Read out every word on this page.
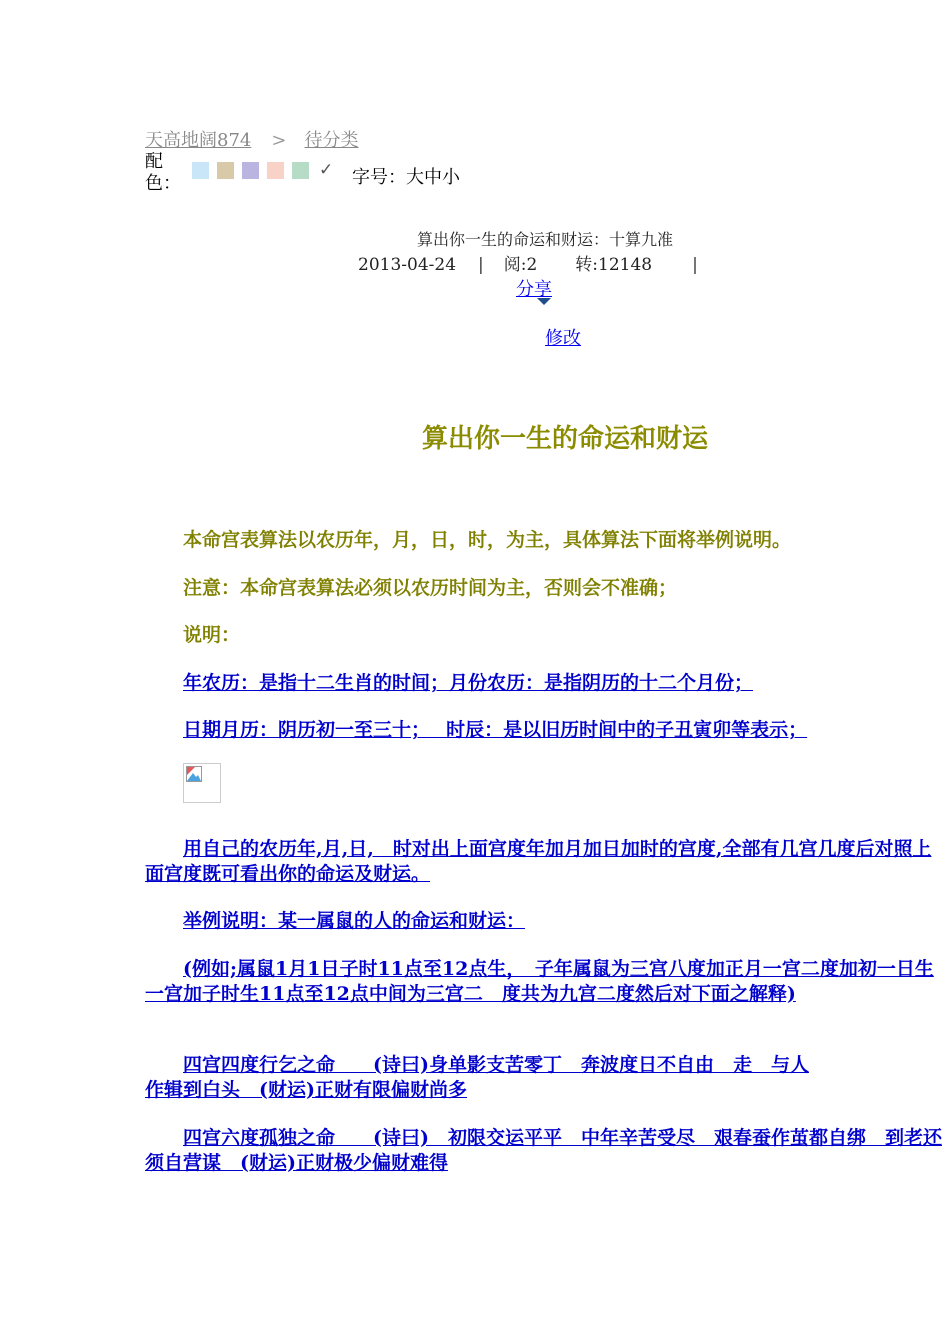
天高地阔874 > 待分类
配色：
✓ 字号：大中小
算出你一生的命运和财运：十算九准
2013-04-24 | 阅:2 转:12148 |
分享
修改
算出你一生的命运和财运
本命宫表算法以农历年，月，日，时，为主，具体算法下面将举例说明。
注意：本命宫表算法必须以农历时间为主，否则会不准确；
说明：
年农历：是指十二生肖的时间；月份农历：是指阴历的十二个月份；
日期月历：阴历初一至三十；　 时辰：是以旧历时间中的子丑寅卯等表示；
用自己的农历年,月,日,　时对出上面宫度年加月加日加时的宫度,全部有几宫几度后对照上面宫度既可看出你的命运及财运。
举例说明：某一属鼠的人的命运和财运：
(例如;属鼠1月1日子时11点至12点生，　子年属鼠为三宫八度加正月一宫二度加初一日生一宫加子时生11点至12点中间为三宫二　度共为九宫二度然后对下面之解释)
四宫四度行乞之命　　(诗曰)身单影支苦零丁　奔波度日不自由　走　与人作辑到白头　(财运)正财有限偏财尚多
四宫六度孤独之命　　(诗曰)　初限交运平平　中年辛苦受尽　艰春蚕作茧都自绑　到老还须自营谋　(财运)正财极少偏财难得
